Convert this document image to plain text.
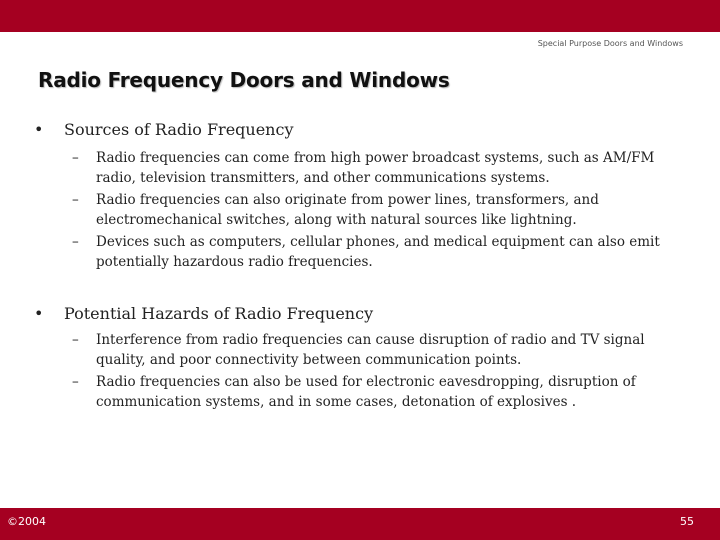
Special Purpose Doors and Windows
Radio Frequency Doors and Windows
• Sources of Radio Frequency
–	Radio frequencies can come from high power broadcast systems, such as AM/FM radio, television transmitters, and other communications systems.
–	Radio frequencies can also originate from power lines, transformers, and electromechanical switches, along with natural sources like lightning.
–	Devices such as computers, cellular phones, and medical equipment can also emit potentially hazardous radio frequencies.
• Potential Hazards of Radio Frequency
–	Interference from radio frequencies can cause disruption of radio and TV signal quality, and poor connectivity between communication points.
–	Radio frequencies can also be used for electronic eavesdropping, disruption of communication systems, and in some cases, detonation of explosives .
©2004	55
